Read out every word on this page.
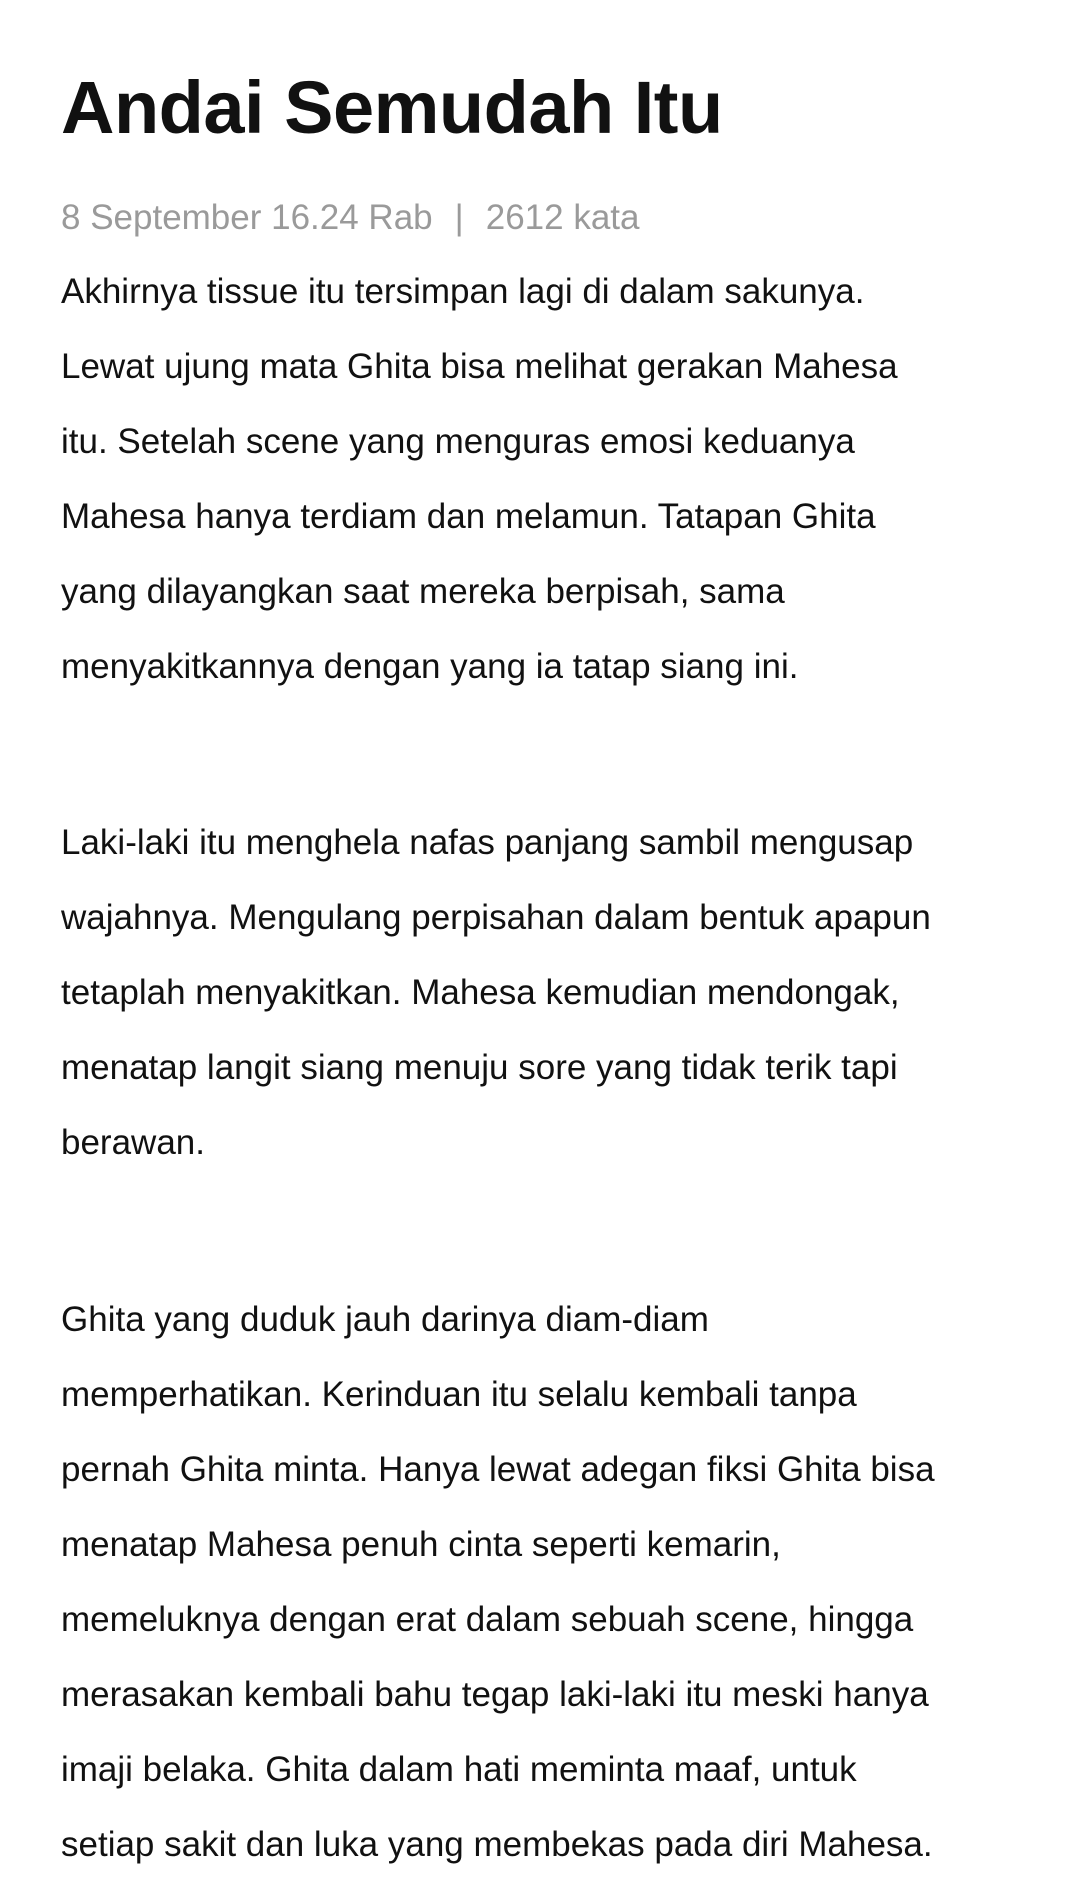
Andai Semudah Itu
8 September 16.24 Rab | 2612 kata
Akhirnya tissue itu tersimpan lagi di dalam sakunya.
Lewat ujung mata Ghita bisa melihat gerakan Mahesa
itu. Setelah scene yang menguras emosi keduanya
Mahesa hanya terdiam dan melamun. Tatapan Ghita
yang dilayangkan saat mereka berpisah, sama
menyakitkannya dengan yang ia tatap siang ini.
Laki-laki itu menghela nafas panjang sambil mengusap
wajahnya. Mengulang perpisahan dalam bentuk apapun
tetaplah menyakitkan. Mahesa kemudian mendongak,
menatap langit siang menuju sore yang tidak terik tapi
berawan.
Ghita yang duduk jauh darinya diam-diam
memperhatikan. Kerinduan itu selalu kembali tanpa
pernah Ghita minta. Hanya lewat adegan fiksi Ghita bisa
menatap Mahesa penuh cinta seperti kemarin,
memeluknya dengan erat dalam sebuah scene, hingga
merasakan kembali bahu tegap laki-laki itu meski hanya
imaji belaka. Ghita dalam hati meminta maaf, untuk
setiap sakit dan luka yang membekas pada diri Mahesa.
